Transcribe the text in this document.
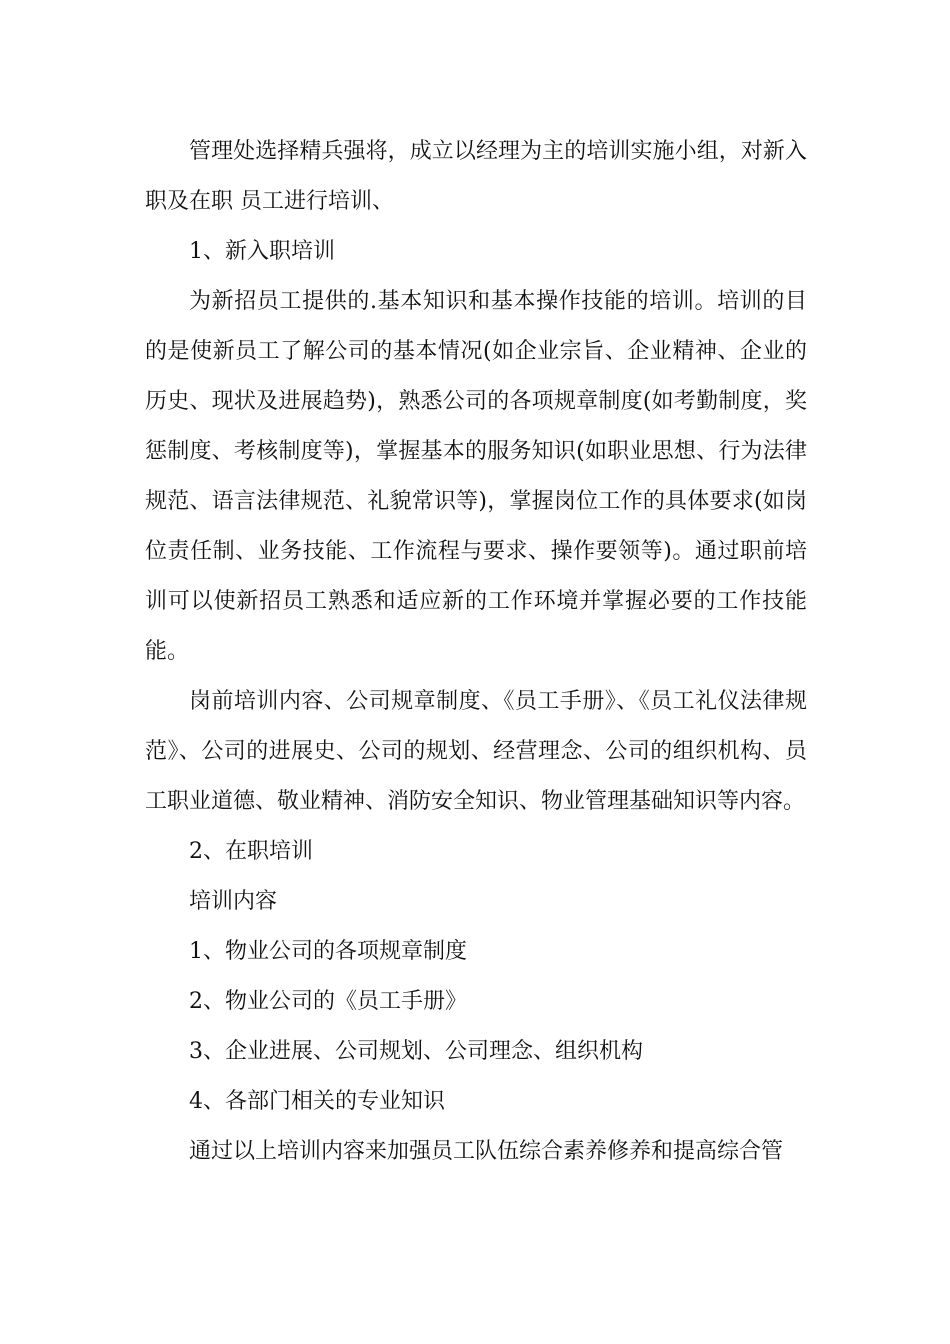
管理处选择精兵强将，成立以经理为主的培训实施小组，对新入职及在职 员工进行培训、

1、新入职培训

为新招员工提供的.基本知识和基本操作技能的培训。培训的目的是使新员工了解公司的基本情况(如企业宗旨、企业精神、企业的历史、现状及进展趋势)，熟悉公司的各项规章制度(如考勤制度，奖惩制度、考核制度等)，掌握基本的服务知识(如职业思想、行为法律规范、语言法律规范、礼貌常识等)，掌握岗位工作的具体要求(如岗位责任制、业务技能、工作流程与要求、操作要领等)。通过职前培训可以使新招员工熟悉和适应新的工作环境并掌握必要的工作技能能。

岗前培训内容、公司规章制度、《员工手册》、《员工礼仪法律规范》、公司的进展史、公司的规划、经营理念、公司的组织机构、员工职业道德、敬业精神、消防安全知识、物业管理基础知识等内容。

2、在职培训

培训内容

1、物业公司的各项规章制度

2、物业公司的《员工手册》

3、企业进展、公司规划、公司理念、组织机构

4、各部门相关的专业知识

通过以上培训内容来加强员工队伍综合素养修养和提高综合管
